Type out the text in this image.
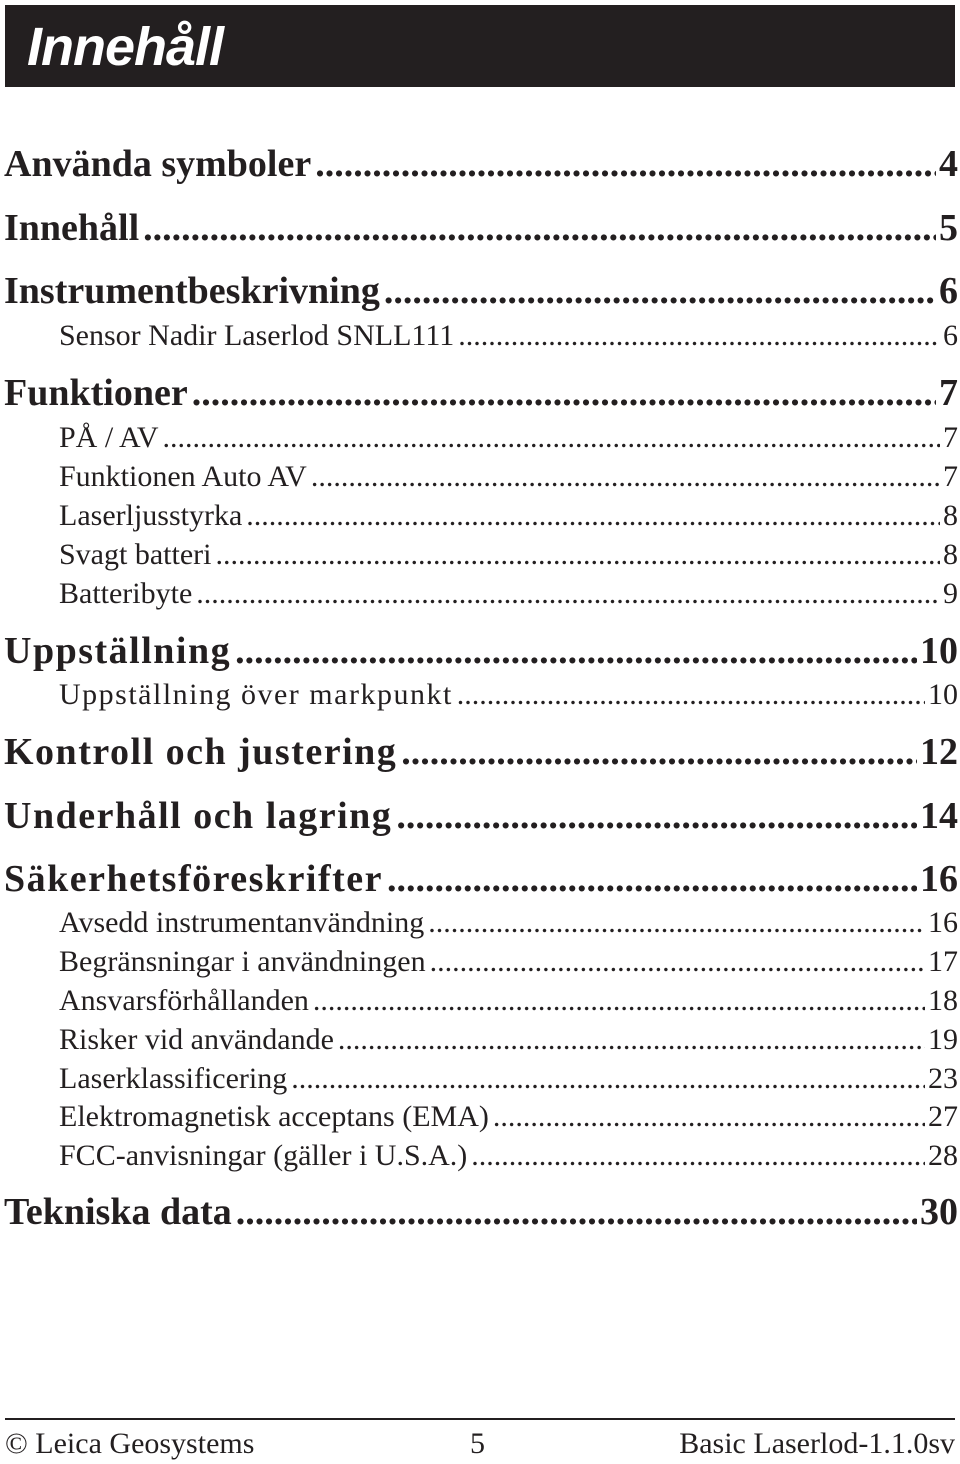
Innehåll
Använda symboler .....	4
Innehåll .....	5
Instrumentbeskrivning .....	6
Sensor Nadir Laserlod SNLL111 .....	6
Funktioner .....	7
PÅ / AV .....	7
Funktionen Auto AV .....	7
Laserljusstyrka .....	8
Svagt batteri .....	8
Batteribyte .....	9
Uppställning .....	10
Uppställning över markpunkt .....	10
Kontroll och justering .....	12
Underhåll och lagring .....	14
Säkerhetsföreskrifter .....	16
Avsedd instrumentanvändning .....	16
Begränsningar i användningen .....	17
Ansvarsförhållanden .....	18
Risker vid användande .....	19
Laserklassificering .....	23
Elektromagnetisk acceptans (EMA) .....	27
FCC-anvisningar (gäller i U.S.A.) .....	28
Tekniska data .....	30
© Leica Geosystems	5	Basic Laserlod-1.1.0sv
